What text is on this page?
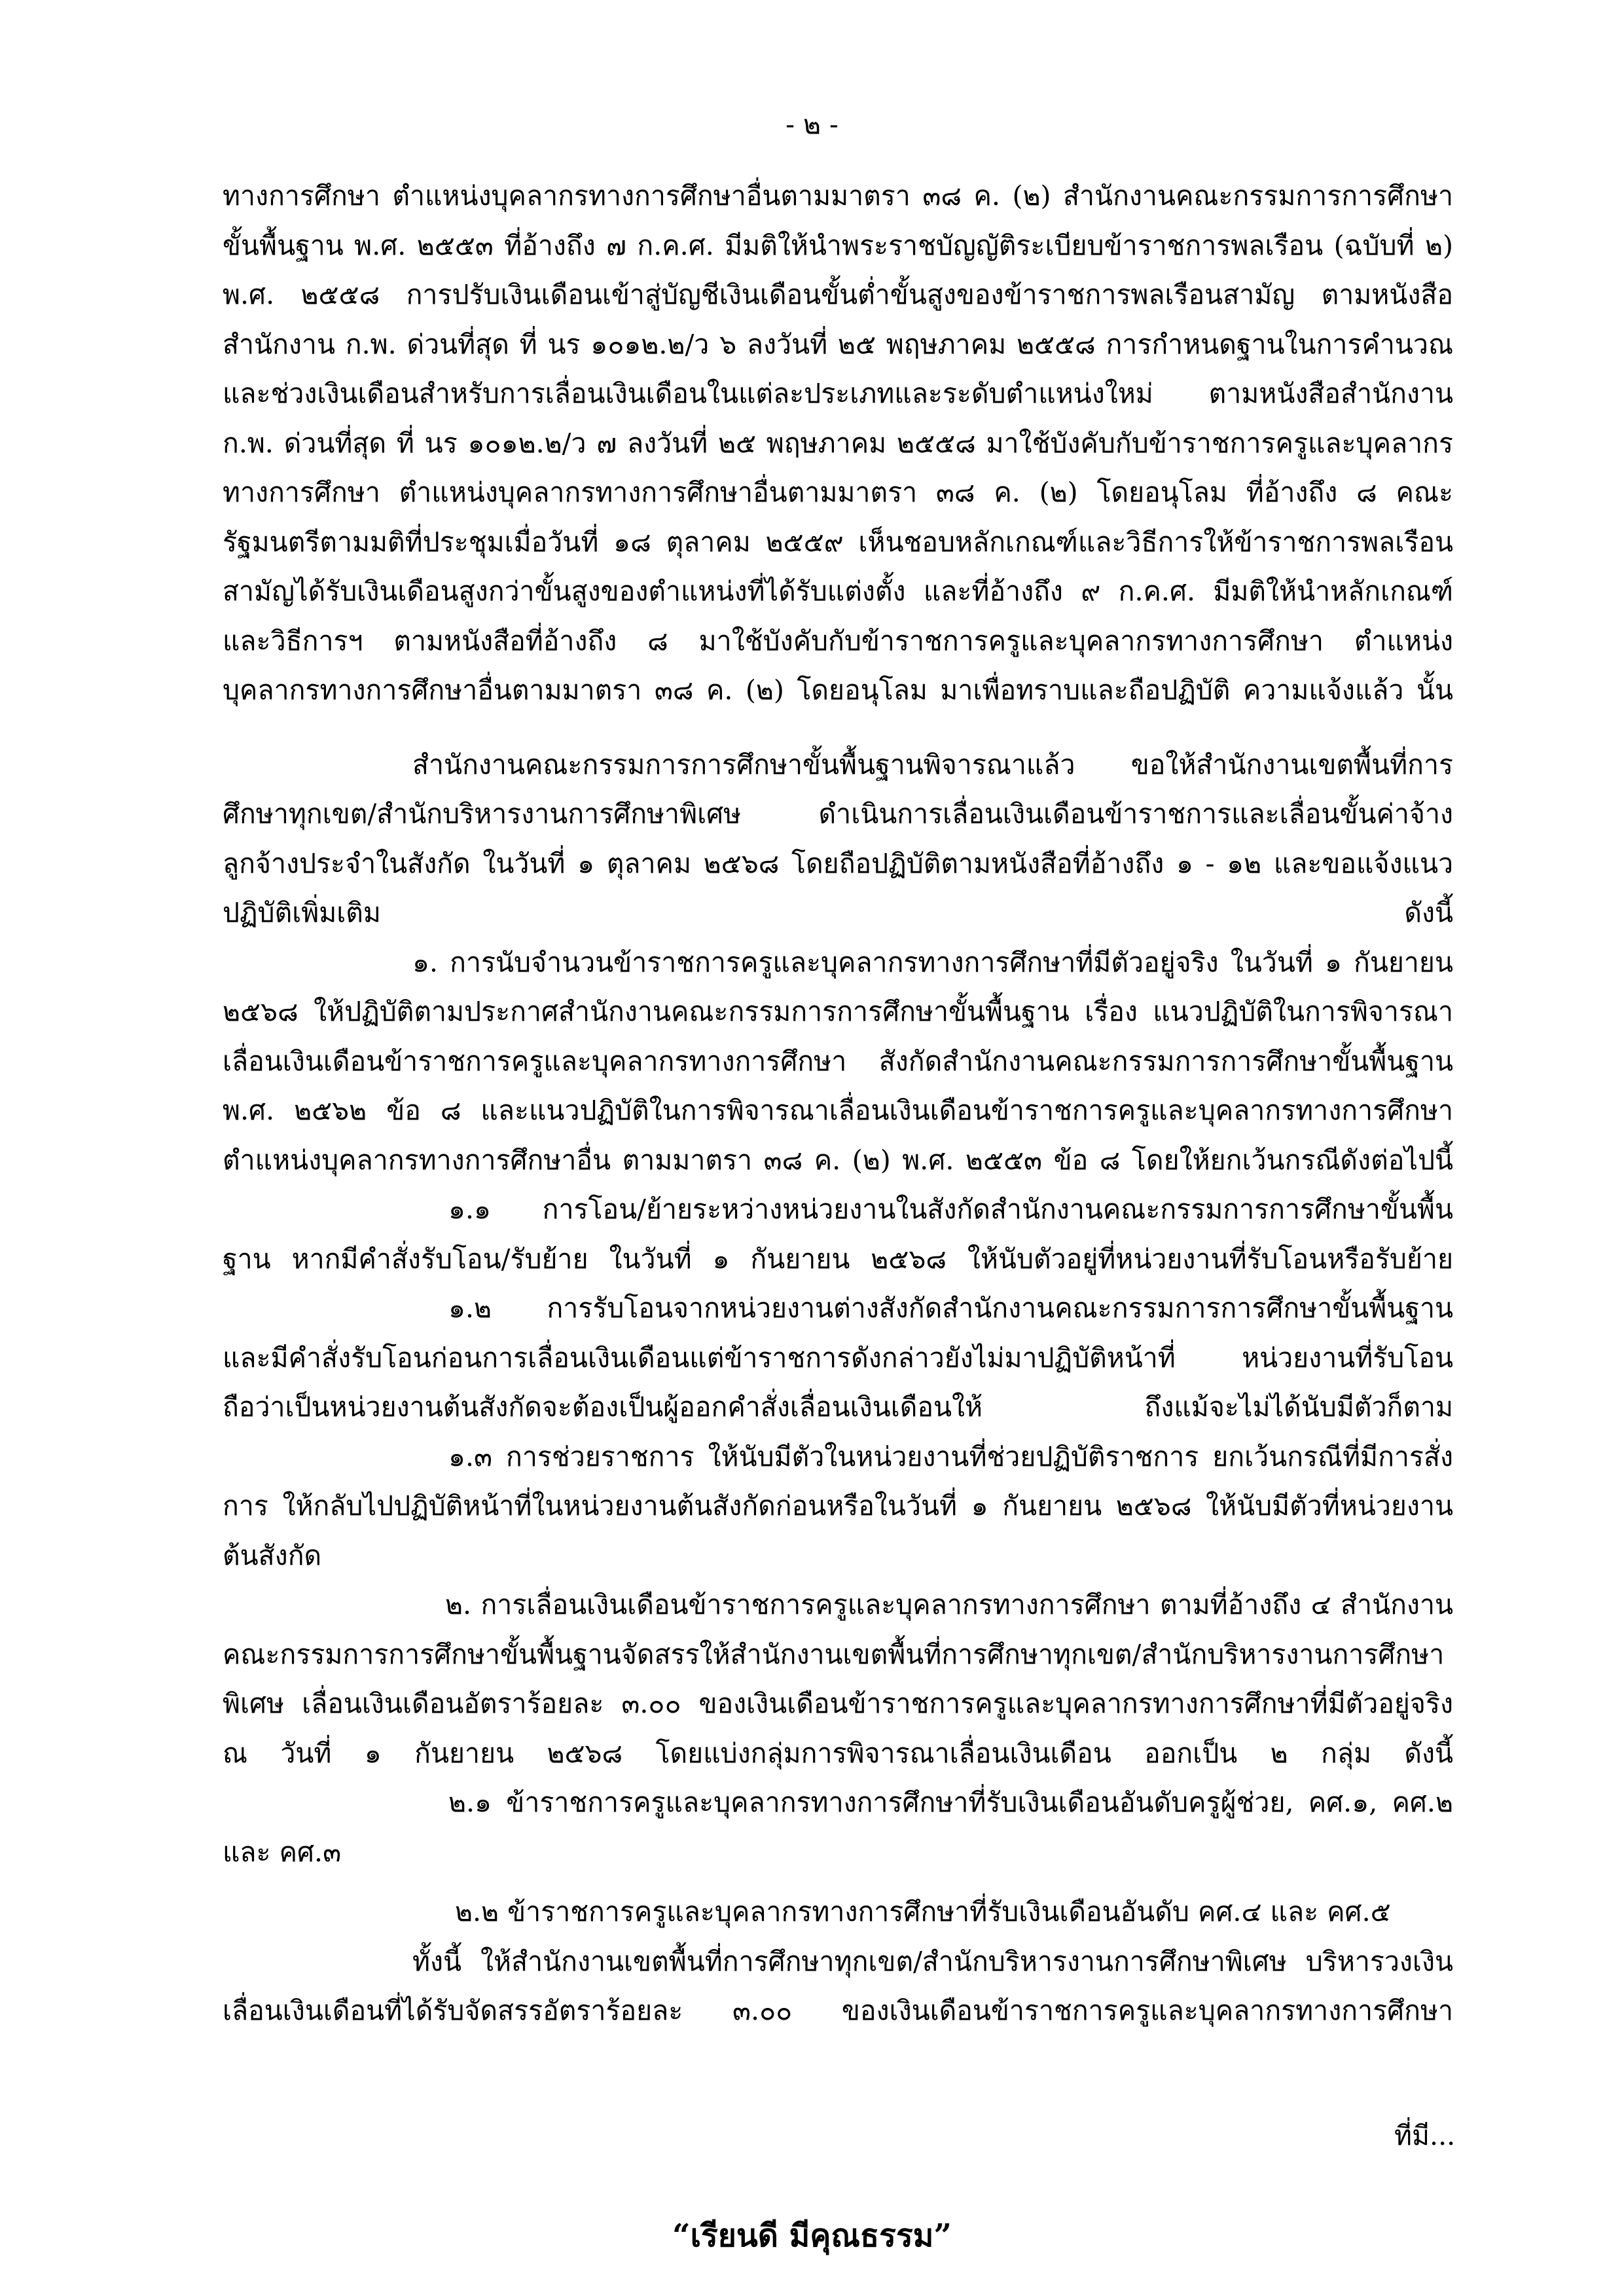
- ๒ -

ทางการศึกษา ตำแหน่งบุคลากรทางการศึกษาอื่นตามมาตรา ๓๘ ค. (๒) สำนักงานคณะกรรมการการศึกษาขั้นพื้นฐาน พ.ศ. ๒๕๕๓ ที่อ้างถึง ๗ ก.ค.ศ. มีมติให้นำพระราชบัญญัติระเบียบข้าราชการพลเรือน (ฉบับที่ ๒) พ.ศ. ๒๕๕๘ การปรับเงินเดือนเข้าสู่บัญชีเงินเดือนขั้นต่ำขั้นสูงของข้าราชการพลเรือนสามัญ ตามหนังสือสำนักงาน ก.พ. ด่วนที่สุด ที่ นร ๑๐๑๒.๒/ว ๖ ลงวันที่ ๒๕ พฤษภาคม ๒๕๕๘ การกำหนดฐานในการคำนวณและช่วงเงินเดือนสำหรับการเลื่อนเงินเดือนในแต่ละประเภทและระดับตำแหน่งใหม่ ตามหนังสือสำนักงาน ก.พ. ด่วนที่สุด ที่ นร ๑๐๑๒.๒/ว ๗ ลงวันที่ ๒๕ พฤษภาคม ๒๕๕๘ มาใช้บังคับกับข้าราชการครูและบุคลากรทางการศึกษา ตำแหน่งบุคลากรทางการศึกษาอื่นตามมาตรา ๓๘ ค. (๒) โดยอนุโลม ที่อ้างถึง ๘ คณะรัฐมนตรีตามมติที่ประชุมเมื่อวันที่ ๑๘ ตุลาคม ๒๕๕๙ เห็นชอบหลักเกณฑ์และวิธีการให้ข้าราชการพลเรือนสามัญได้รับเงินเดือนสูงกว่าขั้นสูงของตำแหน่งที่ได้รับแต่งตั้ง และที่อ้างถึง ๙ ก.ค.ศ. มีมติให้นำหลักเกณฑ์และวิธีการฯ ตามหนังสือที่อ้างถึง ๘ มาใช้บังคับกับข้าราชการครูและบุคลากรทางการศึกษา ตำแหน่งบุคลากรทางการศึกษาอื่นตามมาตรา ๓๘ ค. (๒) โดยอนุโลม มาเพื่อทราบและถือปฏิบัติ ความแจ้งแล้ว นั้น

สำนักงานคณะกรรมการการศึกษาขั้นพื้นฐานพิจารณาแล้ว ขอให้สำนักงานเขตพื้นที่การศึกษาทุกเขต/สำนักบริหารงานการศึกษาพิเศษ ดำเนินการเลื่อนเงินเดือนข้าราชการและเลื่อนขั้นค่าจ้างลูกจ้างประจำในสังกัด ในวันที่ ๑ ตุลาคม ๒๕๖๘ โดยถือปฏิบัติตามหนังสือที่อ้างถึง ๑ - ๑๒ และขอแจ้งแนวปฏิบัติเพิ่มเติม ดังนี้

๑. การนับจำนวนข้าราชการครูและบุคลากรทางการศึกษาที่มีตัวอยู่จริง ในวันที่ ๑ กันยายน ๒๕๖๘ ให้ปฏิบัติตามประกาศสำนักงานคณะกรรมการการศึกษาขั้นพื้นฐาน เรื่อง แนวปฏิบัติในการพิจารณาเลื่อนเงินเดือนข้าราชการครูและบุคลากรทางการศึกษา สังกัดสำนักงานคณะกรรมการการศึกษาขั้นพื้นฐาน พ.ศ. ๒๕๖๒ ข้อ ๘ และแนวปฏิบัติในการพิจารณาเลื่อนเงินเดือนข้าราชการครูและบุคลากรทางการศึกษา ตำแหน่งบุคลากรทางการศึกษาอื่น ตามมาตรา ๓๘ ค. (๒) พ.ศ. ๒๕๕๓ ข้อ ๘ โดยให้ยกเว้นกรณีดังต่อไปนี้

๑.๑ การโอน/ย้ายระหว่างหน่วยงานในสังกัดสำนักงานคณะกรรมการการศึกษาขั้นพื้นฐาน หากมีคำสั่งรับโอน/รับย้าย ในวันที่ ๑ กันยายน ๒๕๖๘ ให้นับตัวอยู่ที่หน่วยงานที่รับโอนหรือรับย้าย

๑.๒ การรับโอนจากหน่วยงานต่างสังกัดสำนักงานคณะกรรมการการศึกษาขั้นพื้นฐาน และมีคำสั่งรับโอนก่อนการเลื่อนเงินเดือนแต่ข้าราชการดังกล่าวยังไม่มาปฏิบัติหน้าที่ หน่วยงานที่รับโอน ถือว่าเป็นหน่วยงานต้นสังกัดจะต้องเป็นผู้ออกคำสั่งเลื่อนเงินเดือนให้ ถึงแม้จะไม่ได้นับมีตัวก็ตาม

๑.๓ การช่วยราชการ ให้นับมีตัวในหน่วยงานที่ช่วยปฏิบัติราชการ ยกเว้นกรณีที่มีการสั่งการ ให้กลับไปปฏิบัติหน้าที่ในหน่วยงานต้นสังกัดก่อนหรือในวันที่ ๑ กันยายน ๒๕๖๘ ให้นับมีตัวที่หน่วยงานต้นสังกัด

๒. การเลื่อนเงินเดือนข้าราชการครูและบุคลากรทางการศึกษา ตามที่อ้างถึง ๔ สำนักงานคณะกรรมการการศึกษาขั้นพื้นฐานจัดสรรให้สำนักงานเขตพื้นที่การศึกษาทุกเขต/สำนักบริหารงานการศึกษาพิเศษ เลื่อนเงินเดือนอัตราร้อยละ ๓.๐๐ ของเงินเดือนข้าราชการครูและบุคลากรทางการศึกษาที่มีตัวอยู่จริง ณ วันที่ ๑ กันยายน ๒๕๖๘ โดยแบ่งกลุ่มการพิจารณาเลื่อนเงินเดือน ออกเป็น ๒ กลุ่ม ดังนี้

๒.๑ ข้าราชการครูและบุคลากรทางการศึกษาที่รับเงินเดือนอันดับครูผู้ช่วย, คศ.๑, คศ.๒ และ คศ.๓

๒.๒ ข้าราชการครูและบุคลากรทางการศึกษาที่รับเงินเดือนอันดับ คศ.๔ และ คศ.๕

ทั้งนี้ ให้สำนักงานเขตพื้นที่การศึกษาทุกเขต/สำนักบริหารงานการศึกษาพิเศษ บริหารวงเงินเลื่อนเงินเดือนที่ได้รับจัดสรรอัตราร้อยละ ๓.๐๐ ของเงินเดือนข้าราชการครูและบุคลากรทางการศึกษา

ที่มี...
“เรียนดี มีคุณธรรม”
